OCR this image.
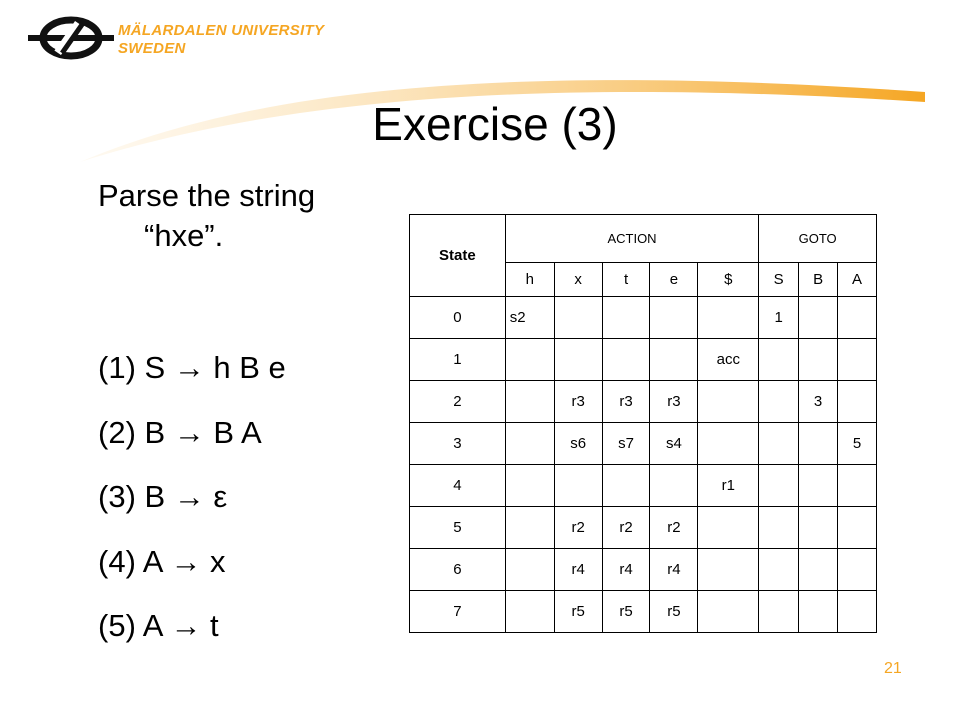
MÄLARDALEN UNIVERSITY
SWEDEN
Exercise (3)
Parse the string
“hxe”.
(1) S → h B e
(2) B → B A
(3) B → ε
(4) A → x
(5) A → t
State	ACTION					GOTO		
	h	x	t	e	$	S	B	A
0	s2					1		
1					acc			
2		r3	r3	r3			3	
3		s6	s7	s4				5
4					r1			
5		r2	r2	r2				
6		r4	r4	r4				
7		r5	r5	r5				
21
